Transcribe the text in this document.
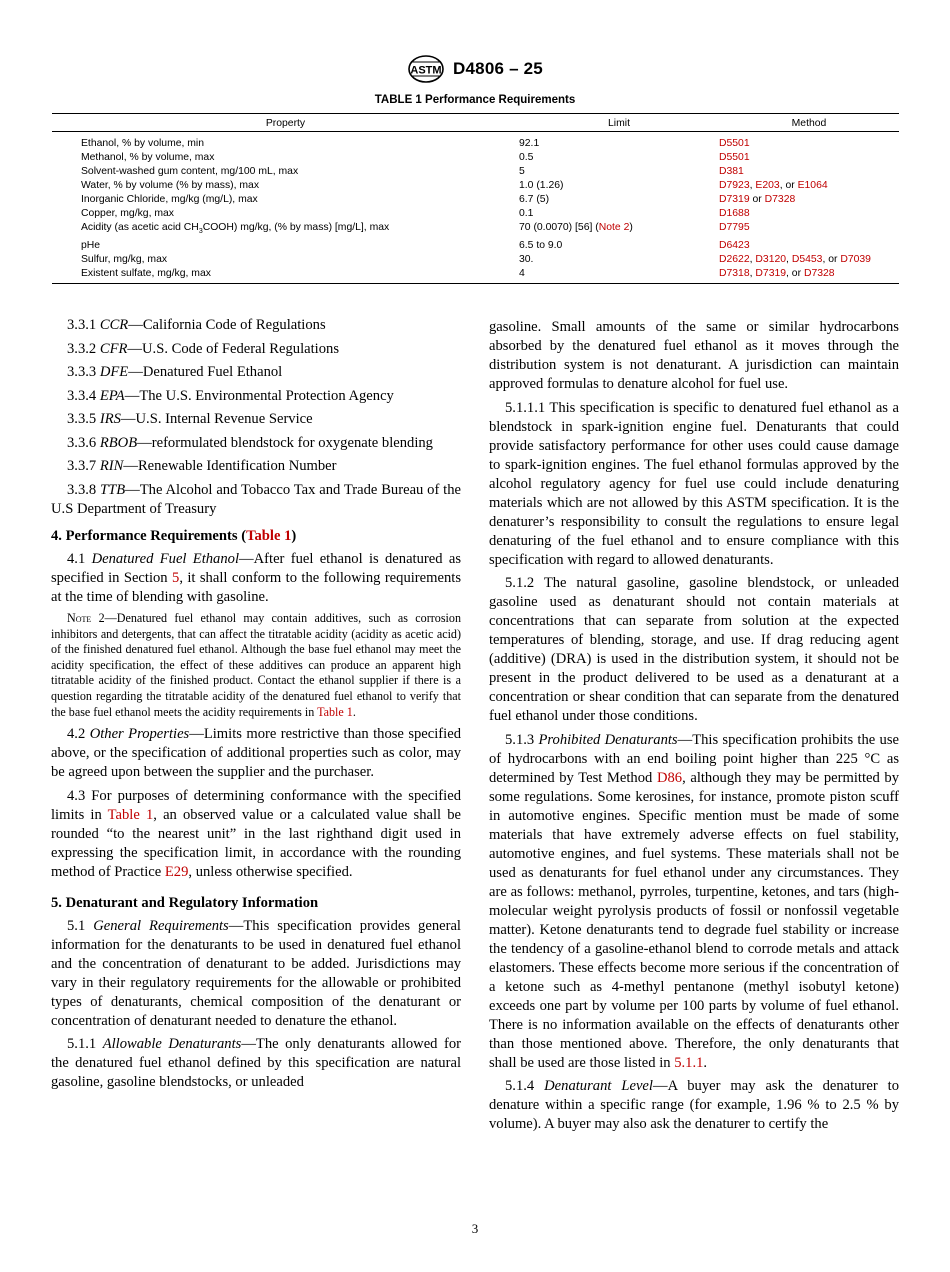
ASTM D4806 – 25
TABLE 1 Performance Requirements
Property	Limit	Method
Ethanol, % by volume, min	92.1	D5501
Methanol, % by volume, max	0.5	D5501
Solvent-washed gum content, mg/100 mL, max	5	D381
Water, % by volume (% by mass), max	1.0 (1.26)	D7923, E203, or E1064
Inorganic Chloride, mg/kg (mg/L), max	6.7 (5)	D7319 or D7328
Copper, mg/kg, max	0.1	D1688
Acidity (as acetic acid $CH_3COOH$) mg/kg, (% by mass) [mg/L], max	70 (0.0070) [56] (Note 2)	D7795
pHe	6.5 to 9.0	D6423
Sulfur, mg/kg, max	30.	D2622, D3120, D5453, or D7039
Existent sulfate, mg/kg, max	4	D7318, D7319, or D7328

3.3.1 CCR—California Code of Regulations

3.3.2 CFR—U.S. Code of Federal Regulations

3.3.3 DFE—Denatured Fuel Ethanol

3.3.4 EPA—The U.S. Environmental Protection Agency

3.3.5 IRS—U.S. Internal Revenue Service

3.3.6 RBOB—reformulated blendstock for oxygenate blending

3.3.7 RIN—Renewable Identification Number

3.3.8 TTB—The Alcohol and Tobacco Tax and Trade Bureau of the U.S Department of Treasury

4. Performance Requirements (Table 1)

4.1 Denatured Fuel Ethanol—After fuel ethanol is denatured as specified in Section 5, it shall conform to the following requirements at the time of blending with gasoline.

Note 2—Denatured fuel ethanol may contain additives, such as corrosion inhibitors and detergents, that can affect the titratable acidity (acidity as acetic acid) of the finished denatured fuel ethanol. Although the base fuel ethanol may meet the acidity specification, the effect of these additives can produce an apparent high titratable acidity of the finished product. Contact the ethanol supplier if there is a question regarding the titratable acidity of the denatured fuel ethanol to verify that the base fuel ethanol meets the acidity requirements in Table 1.

4.2 Other Properties—Limits more restrictive than those specified above, or the specification of additional properties such as color, may be agreed upon between the supplier and the purchaser.

4.3 For purposes of determining conformance with the specified limits in Table 1, an observed value or a calculated value shall be rounded “to the nearest unit” in the last righthand digit used in expressing the specification limit, in accordance with the rounding method of Practice E29, unless otherwise specified.

5. Denaturant and Regulatory Information

5.1 General Requirements—This specification provides general information for the denaturants to be used in denatured fuel ethanol and the concentration of denaturant to be added. Jurisdictions may vary in their regulatory requirements for the allowable or prohibited types of denaturants, chemical composition of the denaturant or concentration of denaturant needed to denature the ethanol.

5.1.1 Allowable Denaturants—The only denaturants allowed for the denatured fuel ethanol defined by this specification are natural gasoline, gasoline blendstocks, or unleaded

gasoline. Small amounts of the same or similar hydrocarbons absorbed by the denatured fuel ethanol as it moves through the distribution system is not denaturant. A jurisdiction can maintain approved formulas to denature alcohol for fuel use.

5.1.1.1 This specification is specific to denatured fuel ethanol as a blendstock in spark-ignition engine fuel. Denaturants that could provide satisfactory performance for other uses could cause damage to spark-ignition engines. The fuel ethanol formulas approved by the alcohol regulatory agency for fuel use could include denaturing materials which are not allowed by this ASTM specification. It is the denaturer’s responsibility to consult the regulations to ensure legal denaturing of the fuel ethanol and to ensure compliance with this specification with regard to allowed denaturants.

5.1.2 The natural gasoline, gasoline blendstock, or unleaded gasoline used as denaturant should not contain materials at concentrations that can separate from solution at the expected temperatures of blending, storage, and use. If drag reducing agent (additive) (DRA) is used in the distribution system, it should not be present in the product delivered to be used as a denaturant at a concentration or shear condition that can separate from the denatured fuel ethanol under those conditions.

5.1.3 Prohibited Denaturants—This specification prohibits the use of hydrocarbons with an end boiling point higher than 225 °C as determined by Test Method D86, although they may be permitted by some regulations. Some kerosines, for instance, promote piston scuff in automotive engines. Specific mention must be made of some materials that have extremely adverse effects on fuel stability, automotive engines, and fuel systems. These materials shall not be used as denaturants for fuel ethanol under any circumstances. They are as follows: methanol, pyrroles, turpentine, ketones, and tars (high-molecular weight pyrolysis products of fossil or nonfossil vegetable matter). Ketone denaturants tend to degrade fuel stability or increase the tendency of a gasoline-ethanol blend to corrode metals and attack elastomers. These effects become more serious if the concentration of a ketone such as 4-methyl pentanone (methyl isobutyl ketone) exceeds one part by volume per 100 parts by volume of fuel ethanol. There is no information available on the effects of denaturants other than those mentioned above. Therefore, the only denaturants that shall be used are those listed in 5.1.1.

5.1.4 Denaturant Level—A buyer may ask the denaturer to denature within a specific range (for example, 1.96 % to 2.5 % by volume). A buyer may also ask the denaturer to certify the

3
